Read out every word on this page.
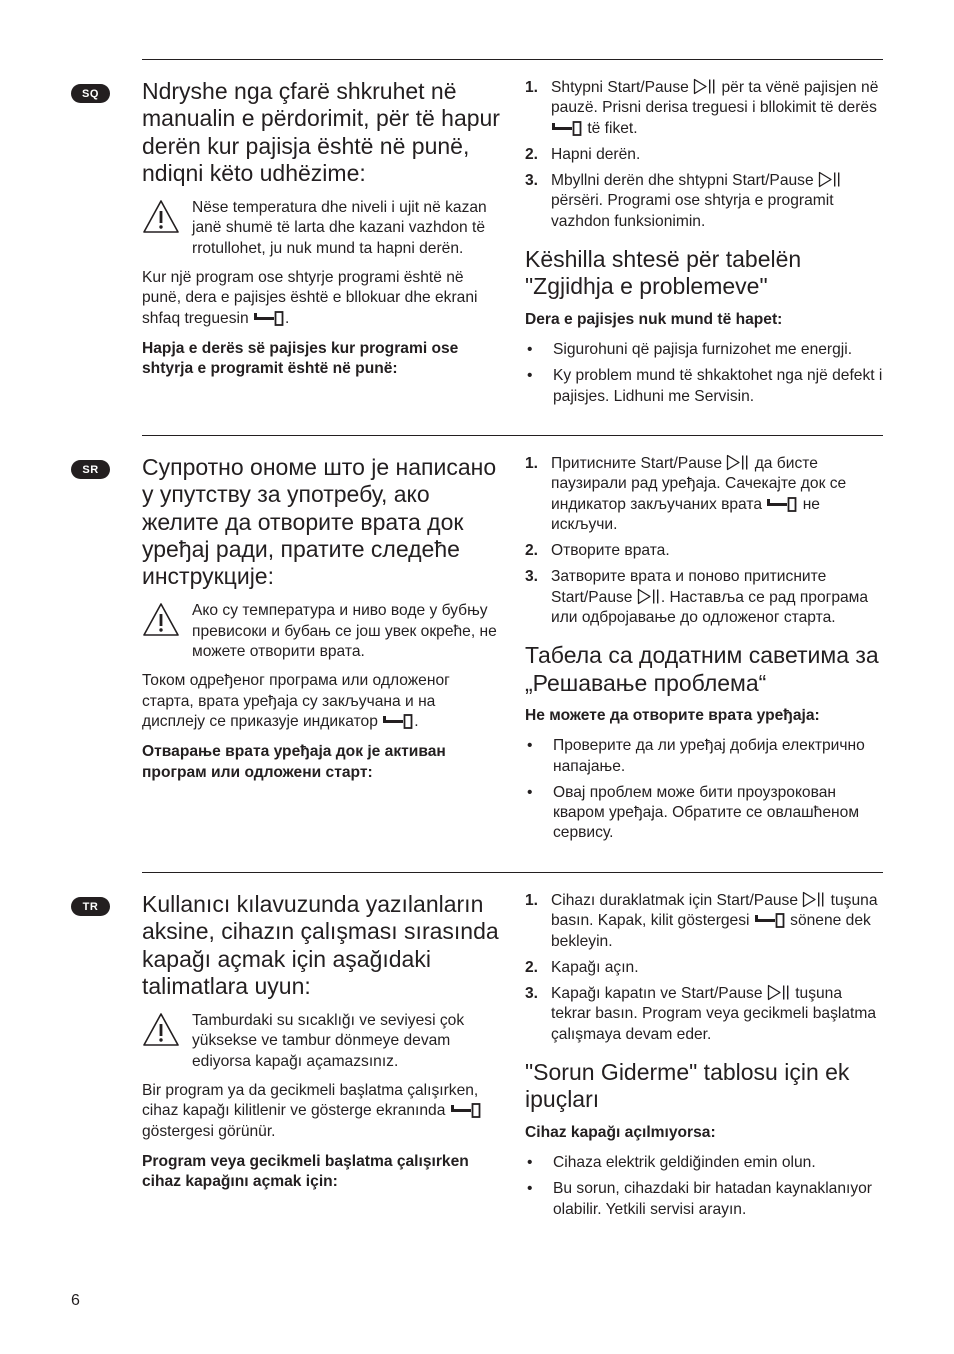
SQ	Ndryshe nga çfarë shkruhet në manualin e përdorimit, për të hapur derën kur pajisja është në punë, ndiqni këto udhëzime:

Nëse temperatura dhe niveli i ujit në kazan janë shumë të larta dhe kazani vazhdon të rrotullohet, ju nuk mund ta hapni derën.

Kur një program ose shtyrje programi është në punë, dera e pajisjes është e bllokuar dhe ekrani shfaq treguesin .

Hapja e derës së pajisjes kur programi ose shtyrja e programit është në punë:

1. Shtypni Start/Pause  për ta vënë pajisjen në pauzë. Prisni derisa treguesi i bllokimit të derës  të fiket.
2. Hapni derën.
3. Mbyllni derën dhe shtypni Start/Pause  përsëri. Programi ose shtyrja e programit vazhdon funksionimin.

Këshilla shtesë për tabelën "Zgjidhja e problemeve"

Dera e pajisjes nuk mund të hapet:

•	Sigurohuni që pajisja furnizohet me energji.
•	Ky problem mund të shkaktohet nga një defekt i pajisjes. Lidhuni me Servisin.
SR	Супротно ономе што је написано у упутству за употребу, ако желите да отворите врата док уређај ради, пратите следеће инструкције:

Ако су температура и ниво воде у бубњу превисоки и бубањ се још увек окреће, не можете отворити врата.

Током одређеног програма или одложеног старта, врата уређаја су закључана и на дисплеју се приказује индикатор .

Отварање врата уређаја док је активан програм или одложени старт:

1. Притисните Start/Pause  да бисте паузирали рад уређаја. Сачекајте док се индикатор закључаних врата  не искључи.
2. Отворите врата.
3. Затворите врата и поново притисните Start/Pause . Наставља се рад програма или одбројавање до одложеног старта.

Табела са додатним саветима за „Решавање проблема“

Не можете да отворите врата уређаја:

•	Проверите да ли уређај добија електрично напајање.
•	Овај проблем може бити проузрокован кваром уређаја. Обратите се овлашћеном сервису.
TR	Kullanıcı kılavuzunda yazılanların aksine, cihazın çalışması sırasında kapağı açmak için aşağıdaki talimatlara uyun:

Tamburdaki su sıcaklığı ve seviyesi çok yüksekse ve tambur dönmeye devam ediyorsa kapağı açamazsınız.

Bir program ya da gecikmeli başlatma çalışırken, cihaz kapağı kilitlenir ve gösterge ekranında  göstergesi görünür.

Program veya gecikmeli başlatma çalışırken cihaz kapağını açmak için:

1. Cihazı duraklatmak için Start/Pause  tuşuna basın. Kapak, kilit göstergesi  sönene dek bekleyin.
2. Kapağı açın.
3. Kapağı kapatın ve Start/Pause  tuşuna tekrar basın. Program veya gecikmeli başlatma çalışmaya devam eder.

"Sorun Giderme" tablosu için ek ipuçları

Cihaz kapağı açılmıyorsa:

•	Cihaza elektrik geldiğinden emin olun.
•	Bu sorun, cihazdaki bir hatadan kaynaklanıyor olabilir. Yetkili servisi arayın.
6
